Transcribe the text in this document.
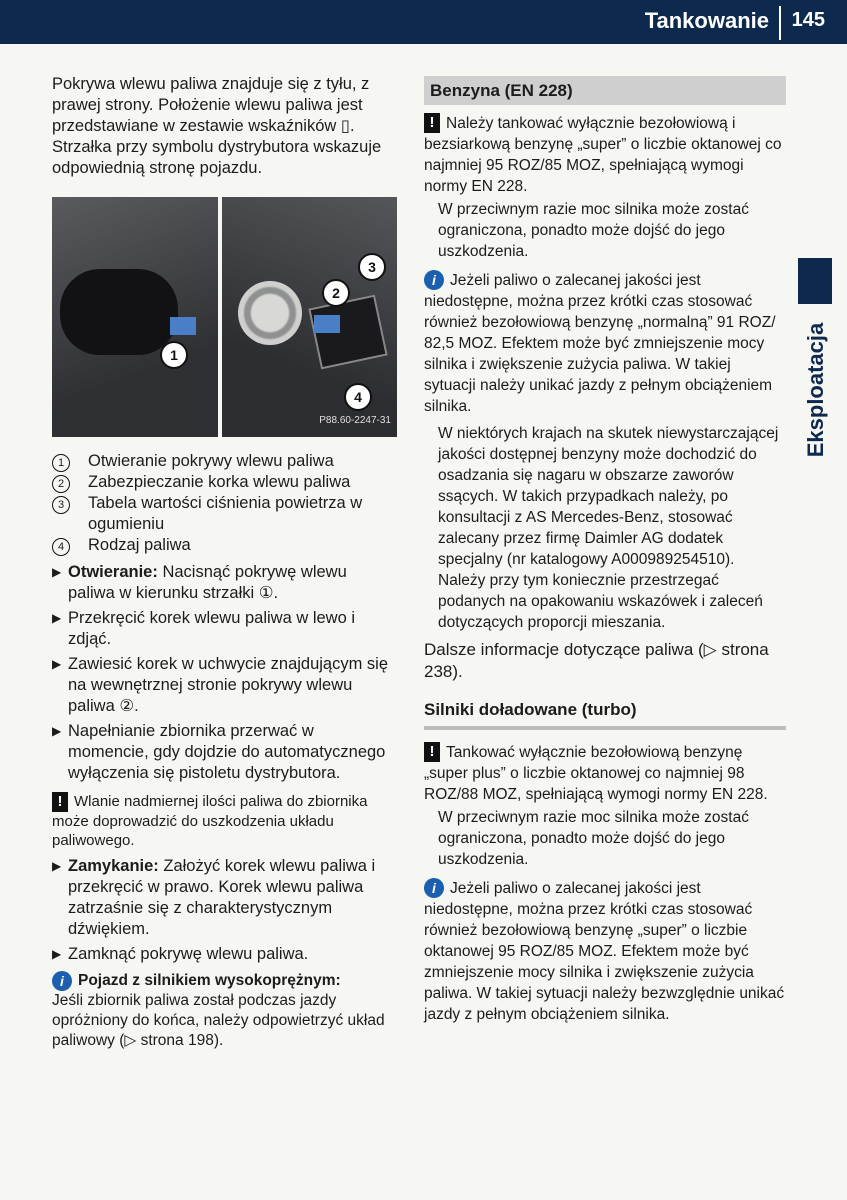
Tankowanie 145
Eksploatacja

Pokrywa wlewu paliwa znajduje się z tyłu, z prawej strony. Położenie wlewu paliwa jest przedstawiane w zestawie wskaźników ▯. Strzałka przy symbolu dystrybutora wskazuje odpowiednią stronę pojazdu.

1
2
3
4
P88.60-2247-31
1	Otwieranie pokrywy wlewu paliwa
2	Zabezpieczanie korka wlewu paliwa
3	Tabela wartości ciśnienia powietrza w ogumieniu
4	Rodzaj paliwa
▶ Otwieranie: Nacisnąć pokrywę wlewu paliwa w kierunku strzałki ①.
▶ Przekręcić korek wlewu paliwa w lewo i zdjąć.
▶ Zawiesić korek w uchwycie znajdującym się na wewnętrznej stronie pokrywy wlewu paliwa ②.
▶ Napełnianie zbiornika przerwać w momencie, gdy dojdzie do automatycznego wyłączenia się pistoletu dystrybutora.
! Wlanie nadmiernej ilości paliwa do zbiornika może doprowadzić do uszkodzenia układu paliwowego.
▶ Zamykanie: Założyć korek wlewu paliwa i przekręcić w prawo. Korek wlewu paliwa zatrzaśnie się z charakterystycznym dźwiękiem.
▶ Zamknąć pokrywę wlewu paliwa.
i Pojazd z silnikiem wysokoprężnym:
Jeśli zbiornik paliwa został podczas jazdy opróżniony do końca, należy odpowietrzyć układ paliwowy (▷ strona 198).
Benzyna (EN 228)
! Należy tankować wyłącznie bezołowiową i bezsiarkową benzynę „super” o liczbie oktanowej co najmniej 95 ROZ/85 MOZ, spełniającą wymogi normy EN 228.
W przeciwnym razie moc silnika może zostać ograniczona, ponadto może dojść do jego uszkodzenia.
i Jeżeli paliwo o zalecanej jakości jest niedostępne, można przez krótki czas stosować również bezołowiową benzynę „normalną” 91 ROZ/ 82,5 MOZ. Efektem może być zmniejszenie mocy silnika i zwiększenie zużycia paliwa. W takiej sytuacji należy unikać jazdy z pełnym obciążeniem silnika.
W niektórych krajach na skutek niewystarczającej jakości dostępnej benzyny może dochodzić do osadzania się nagaru w obszarze zaworów ssących. W takich przypadkach należy, po konsultacji z AS Mercedes-Benz, stosować zalecany przez firmę Daimler AG dodatek specjalny (nr katalogowy A000989254510). Należy przy tym koniecznie przestrzegać podanych na opakowaniu wskazówek i zaleceń dotyczących proporcji mieszania.

Dalsze informacje dotyczące paliwa (▷ strona 238).

Silniki doładowane (turbo)
! Tankować wyłącznie bezołowiową benzynę „super plus” o liczbie oktanowej co najmniej 98 ROZ/88 MOZ, spełniającą wymogi normy EN 228.
W przeciwnym razie moc silnika może zostać ograniczona, ponadto może dojść do jego uszkodzenia.
i Jeżeli paliwo o zalecanej jakości jest niedostępne, można przez krótki czas stosować również bezołowiową benzynę „super” o liczbie oktanowej 95 ROZ/85 MOZ. Efektem może być zmniejszenie mocy silnika i zwiększenie zużycia paliwa. W takiej sytuacji należy bezwzględnie unikać jazdy z pełnym obciążeniem silnika.
